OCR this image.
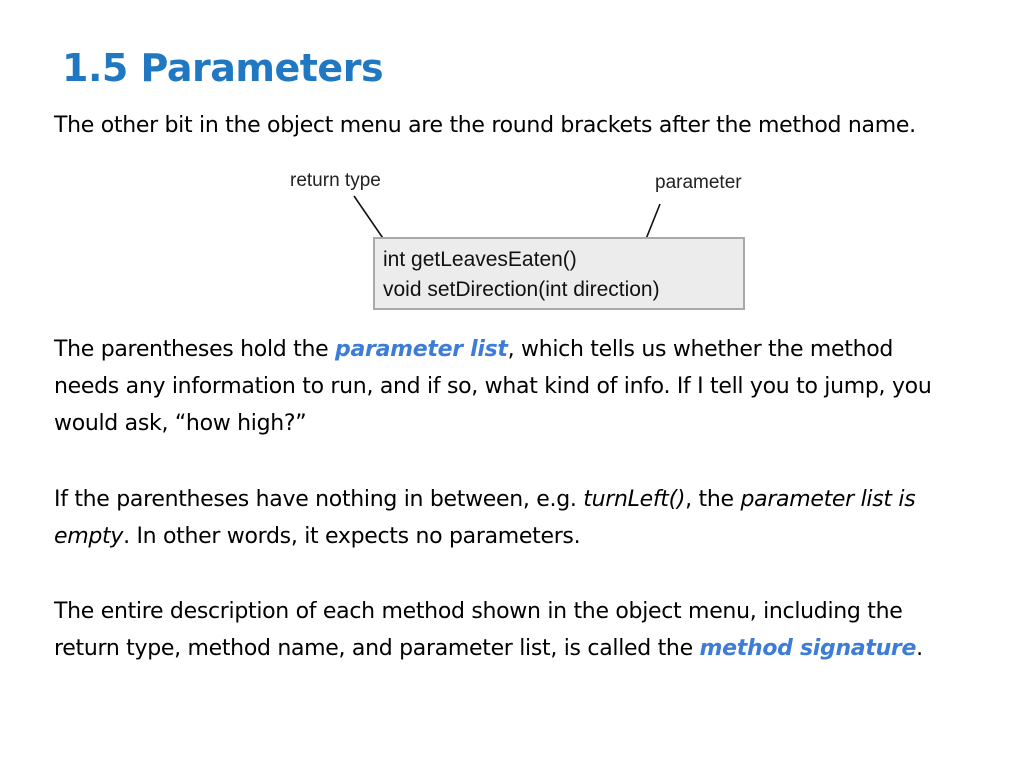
1.5 Parameters
The other bit in the object menu are the round brackets after the method name.
return type	parameter
int getLeavesEaten()
void setDirection(int direction)
The parentheses hold the parameter list, which tells us whether the method needs any information to run, and if so, what kind of info. If I tell you to jump, you would ask, “how high?”
If the parentheses have nothing in between, e.g. turnLeft(), the parameter list is empty. In other words, it expects no parameters.
The entire description of each method shown in the object menu, including the return type, method name, and parameter list, is called the method signature.
